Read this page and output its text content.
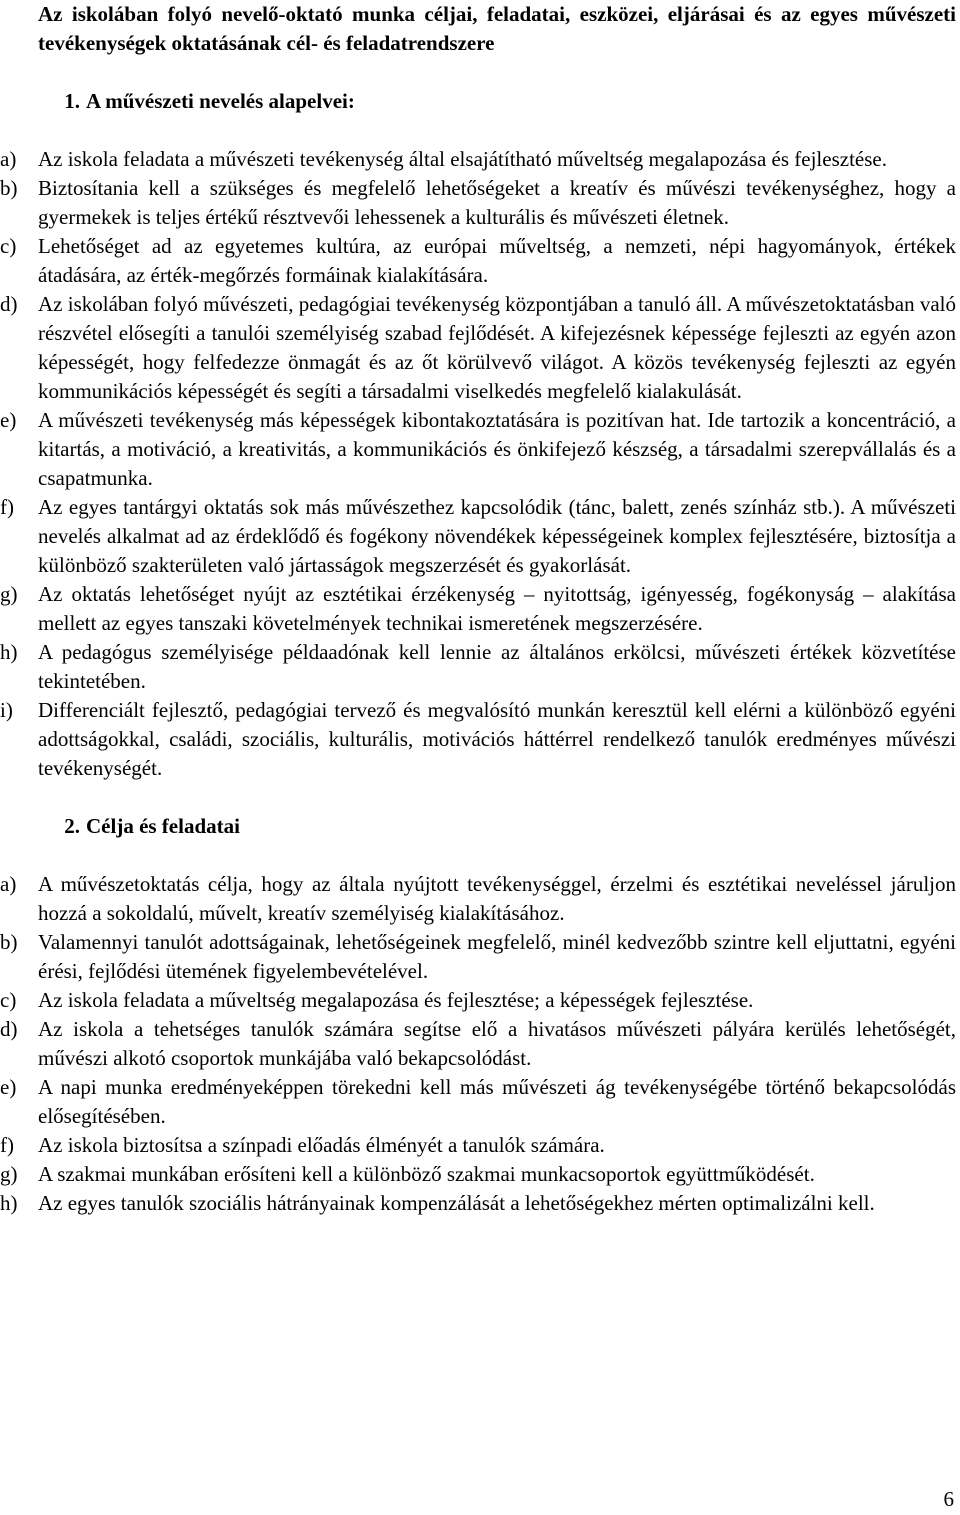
Az iskolában folyó nevelő-oktató munka céljai, feladatai, eszközei, eljárásai és az egyes művészeti tevékenységek oktatásának cél- és feladatrendszere
1. A művészeti nevelés alapelvei:
a) Az iskola feladata a művészeti tevékenység által elsajátítható műveltség megalapozása és fejlesztése.
b) Biztosítania kell a szükséges és megfelelő lehetőségeket a kreatív és művészi tevékenységhez, hogy a gyermekek is teljes értékű résztvevői lehessenek a kulturális és művészeti életnek.
c) Lehetőséget ad az egyetemes kultúra, az európai műveltség, a nemzeti, népi hagyományok, értékek átadására, az érték-megőrzés formáinak kialakítására.
d) Az iskolában folyó művészeti, pedagógiai tevékenység központjában a tanuló áll. A művészetoktatásban való részvétel elősegíti a tanulói személyiség szabad fejlődését. A kifejezésnek képessége fejleszti az egyén azon képességét, hogy felfedezze önmagát és az őt körülvevő világot. A közös tevékenység fejleszti az egyén kommunikációs képességét és segíti a társadalmi viselkedés megfelelő kialakulását.
e) A művészeti tevékenység más képességek kibontakoztatására is pozitívan hat. Ide tartozik a koncentráció, a kitartás, a motiváció, a kreativitás, a kommunikációs és önkifejező készség, a társadalmi szerepvállalás és a csapatmunka.
f) Az egyes tantárgyi oktatás sok más művészethez kapcsolódik (tánc, balett, zenés színház stb.). A művészeti nevelés alkalmat ad az érdeklődő és fogékony növendékek képességeinek komplex fejlesztésére, biztosítja a különböző szakterületen való jártasságok megszerzését és gyakorlását.
g) Az oktatás lehetőséget nyújt az esztétikai érzékenység – nyitottság, igényesség, fogékonyság – alakítása mellett az egyes tanszaki követelmények technikai ismeretének megszerzésére.
h) A pedagógus személyisége példaadónak kell lennie az általános erkölcsi, művészeti értékek közvetítése tekintetében.
i) Differenciált fejlesztő, pedagógiai tervező és megvalósító munkán keresztül kell elérni a különböző egyéni adottságokkal, családi, szociális, kulturális, motivációs háttérrel rendelkező tanulók eredményes művészi tevékenységét.
2. Célja és feladatai
a) A művészetoktatás célja, hogy az általa nyújtott tevékenységgel, érzelmi és esztétikai neveléssel járuljon hozzá a sokoldalú, művelt, kreatív személyiség kialakításához.
b) Valamennyi tanulót adottságainak, lehetőségeinek megfelelő, minél kedvezőbb szintre kell eljuttatni, egyéni érési, fejlődési ütemének figyelembevételével.
c) Az iskola feladata a műveltség megalapozása és fejlesztése; a képességek fejlesztése.
d) Az iskola a tehetséges tanulók számára segítse elő a hivatásos művészeti pályára kerülés lehetőségét, művészi alkotó csoportok munkájába való bekapcsolódást.
e) A napi munka eredményeképpen törekedni kell más művészeti ág tevékenységébe történő bekapcsolódás elősegítésében.
f) Az iskola biztosítsa a színpadi előadás élményét a tanulók számára.
g) A szakmai munkában erősíteni kell a különböző szakmai munkacsoportok együttműködését.
h) Az egyes tanulók szociális hátrányainak kompenzálását a lehetőségekhez mérten optimalizálni kell.
6
